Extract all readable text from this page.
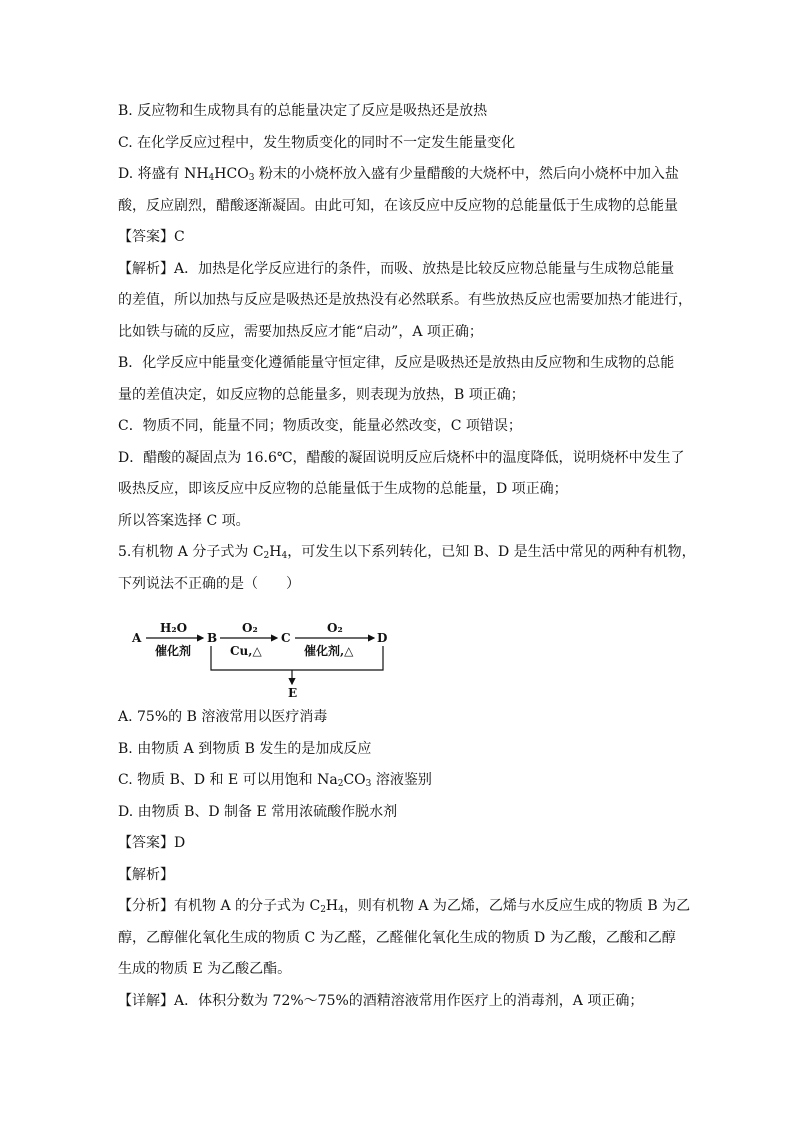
B. 反应物和生成物具有的总能量决定了反应是吸热还是放热
C. 在化学反应过程中，发生物质变化的同时不一定发生能量变化
D. 将盛有 $NH_4HCO_3$ 粉末的小烧杯放入盛有少量醋酸的大烧杯中，然后向小烧杯中加入盐
酸，反应剧烈，醋酸逐渐凝固。由此可知，在该反应中反应物的总能量低于生成物的总能量
【答案】C
【解析】A．加热是化学反应进行的条件，而吸、放热是比较反应物总能量与生成物总能量
的差值，所以加热与反应是吸热还是放热没有必然联系。有些放热反应也需要加热才能进行，
比如铁与硫的反应，需要加热反应才能“启动”，A 项正确；
B．化学反应中能量变化遵循能量守恒定律，反应是吸热还是放热由反应物和生成物的总能
量的差值决定，如反应物的总能量多，则表现为放热，B 项正确；
C．物质不同，能量不同；物质改变，能量必然改变，C 项错误；
D．醋酸的凝固点为 16.6℃，醋酸的凝固说明反应后烧杯中的温度降低，说明烧杯中发生了
吸热反应，即该反应中反应物的总能量低于生成物的总能量，D 项正确；
所以答案选择 C 项。
5.有机物 A 分子式为 $C_2H_4$，可发生以下系列转化，已知 B、D 是生活中常见的两种有机物，
下列说法不正确的是（　　）
A
H₂O
催化剂
B
O₂
Cu,△
C
O₂
催化剂,△
D
E
A. 75%的 B 溶液常用以医疗消毒
B. 由物质 A 到物质 B 发生的是加成反应
C. 物质 B、D 和 E 可以用饱和 $Na_2CO_3$ 溶液鉴别
D. 由物质 B、D 制备 E 常用浓硫酸作脱水剂
【答案】D
【解析】
【分析】有机物 A 的分子式为 $C_2H_4$，则有机物 A 为乙烯，乙烯与水反应生成的物质 B 为乙
醇，乙醇催化氧化生成的物质 C 为乙醛，乙醛催化氧化生成的物质 D 为乙酸，乙酸和乙醇
生成的物质 E 为乙酸乙酯。
【详解】A．体积分数为 72%～75%的酒精溶液常用作医疗上的消毒剂，A 项正确；
